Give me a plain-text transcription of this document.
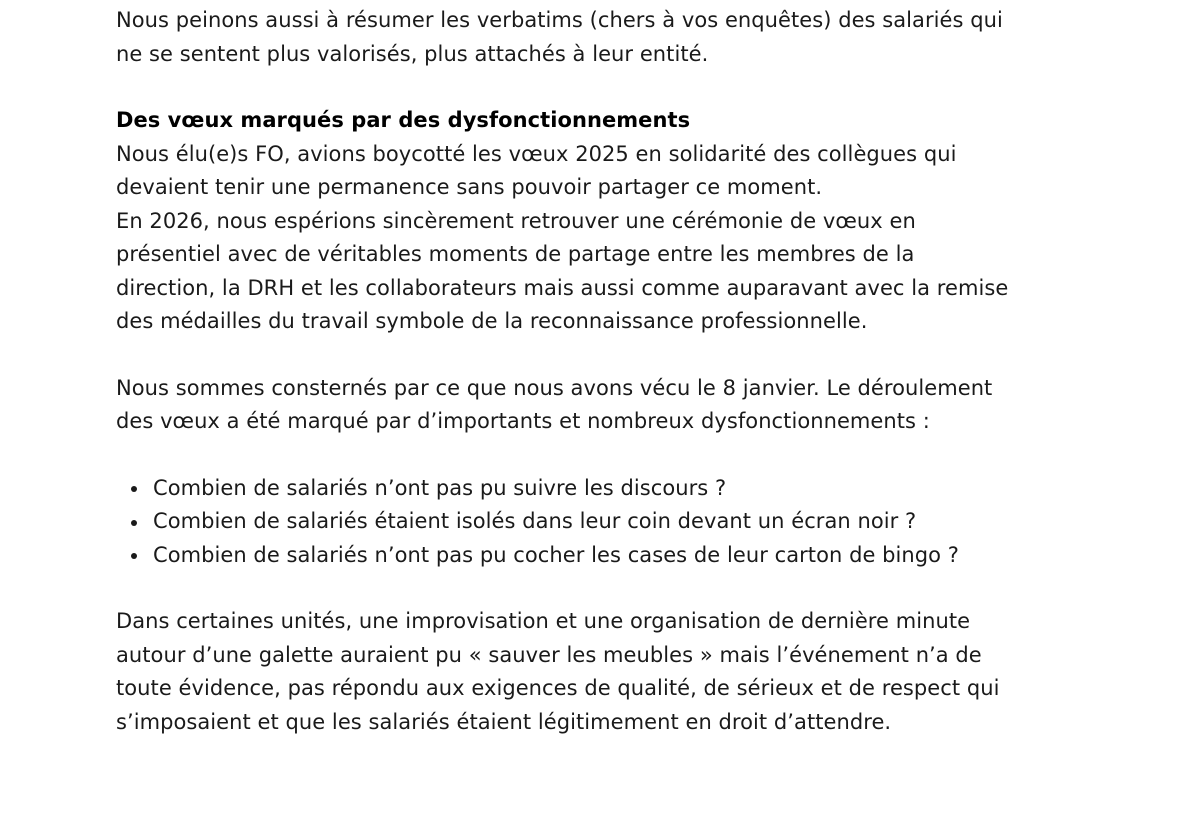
Nous peinons aussi à résumer les verbatims (chers à vos enquêtes) des salariés qui
ne se sentent plus valorisés, plus attachés à leur entité.

Des vœux marqués par des dysfonctionnements

Nous élu(e)s FO, avions boycotté les vœux 2025 en solidarité des collègues qui
devaient tenir une permanence sans pouvoir partager ce moment.
En 2026, nous espérions sincèrement retrouver une cérémonie de vœux en
présentiel avec de véritables moments de partage entre les membres de la
direction, la DRH et les collaborateurs mais aussi comme auparavant avec la remise
des médailles du travail symbole de la reconnaissance professionnelle.

Nous sommes consternés par ce que nous avons vécu le 8 janvier. Le déroulement
des vœux a été marqué par d’importants et nombreux dysfonctionnements :

Combien de salariés n’ont pas pu suivre les discours ?
Combien de salariés étaient isolés dans leur coin devant un écran noir ?
Combien de salariés n’ont pas pu cocher les cases de leur carton de bingo ?

Dans certaines unités, une improvisation et une organisation de dernière minute
autour d’une galette auraient pu « sauver les meubles » mais l’événement n’a de
toute évidence, pas répondu aux exigences de qualité, de sérieux et de respect qui
s’imposaient et que les salariés étaient légitimement en droit d’attendre.
